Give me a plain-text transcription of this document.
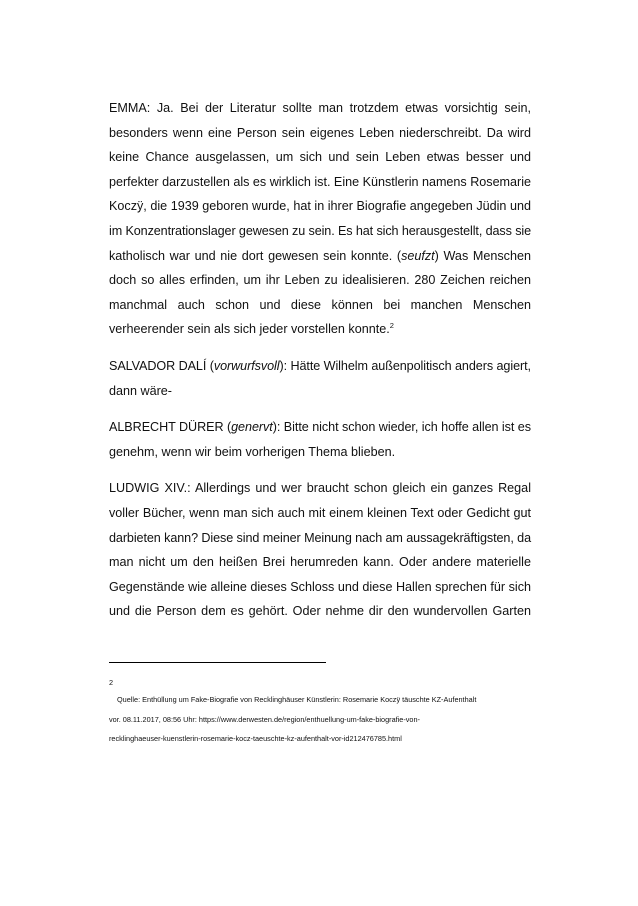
EMMA: Ja. Bei der Literatur sollte man trotzdem etwas vorsichtig sein,
besonders wenn eine Person sein eigenes Leben niederschreibt. Da wird
keine Chance ausgelassen, um sich und sein Leben etwas besser und
perfekter darzustellen als es wirklich ist. Eine Künstlerin namens Rosemarie
Koczÿ, die 1939 geboren wurde, hat in ihrer Biografie angegeben Jüdin und
im Konzentrationslager gewesen zu sein. Es hat sich herausgestellt, dass sie
katholisch war und nie dort gewesen sein konnte. (seufzt) Was Menschen
doch so alles erfinden, um ihr Leben zu idealisieren. 280 Zeichen reichen
manchmal auch schon und diese können bei manchen Menschen
verheerender sein als sich jeder vorstellen konnte.$^2$

SALVADOR DALÍ (vorwurfsvoll): Hätte Wilhelm außenpolitisch anders agiert,
dann wäre-

ALBRECHT DÜRER (genervt): Bitte nicht schon wieder, ich hoffe allen ist es
genehm, wenn wir beim vorherigen Thema blieben.

LUDWIG XIV.: Allerdings und wer braucht schon gleich ein ganzes Regal
voller Bücher, wenn man sich auch mit einem kleinen Text oder Gedicht gut
darbieten kann? Diese sind meiner Meinung nach am aussagekräftigsten, da
man nicht um den heißen Brei herumreden kann. Oder andere materielle
Gegenstände wie alleine dieses Schloss und diese Hallen sprechen für sich
und die Person dem es gehört. Oder nehme dir den wundervollen Garten

2
Quelle: Enthüllung um Fake-Biografie von Recklinghäuser Künstlerin: Rosemarie Koczÿ täuschte KZ-Aufenthalt
vor. 08.11.2017, 08:56 Uhr: https://www.derwesten.de/region/enthuellung-um-fake-biografie-von-
recklinghaeuser-kuenstlerin-rosemarie-kocz-taeuschte-kz-aufenthalt-vor-id212476785.html
